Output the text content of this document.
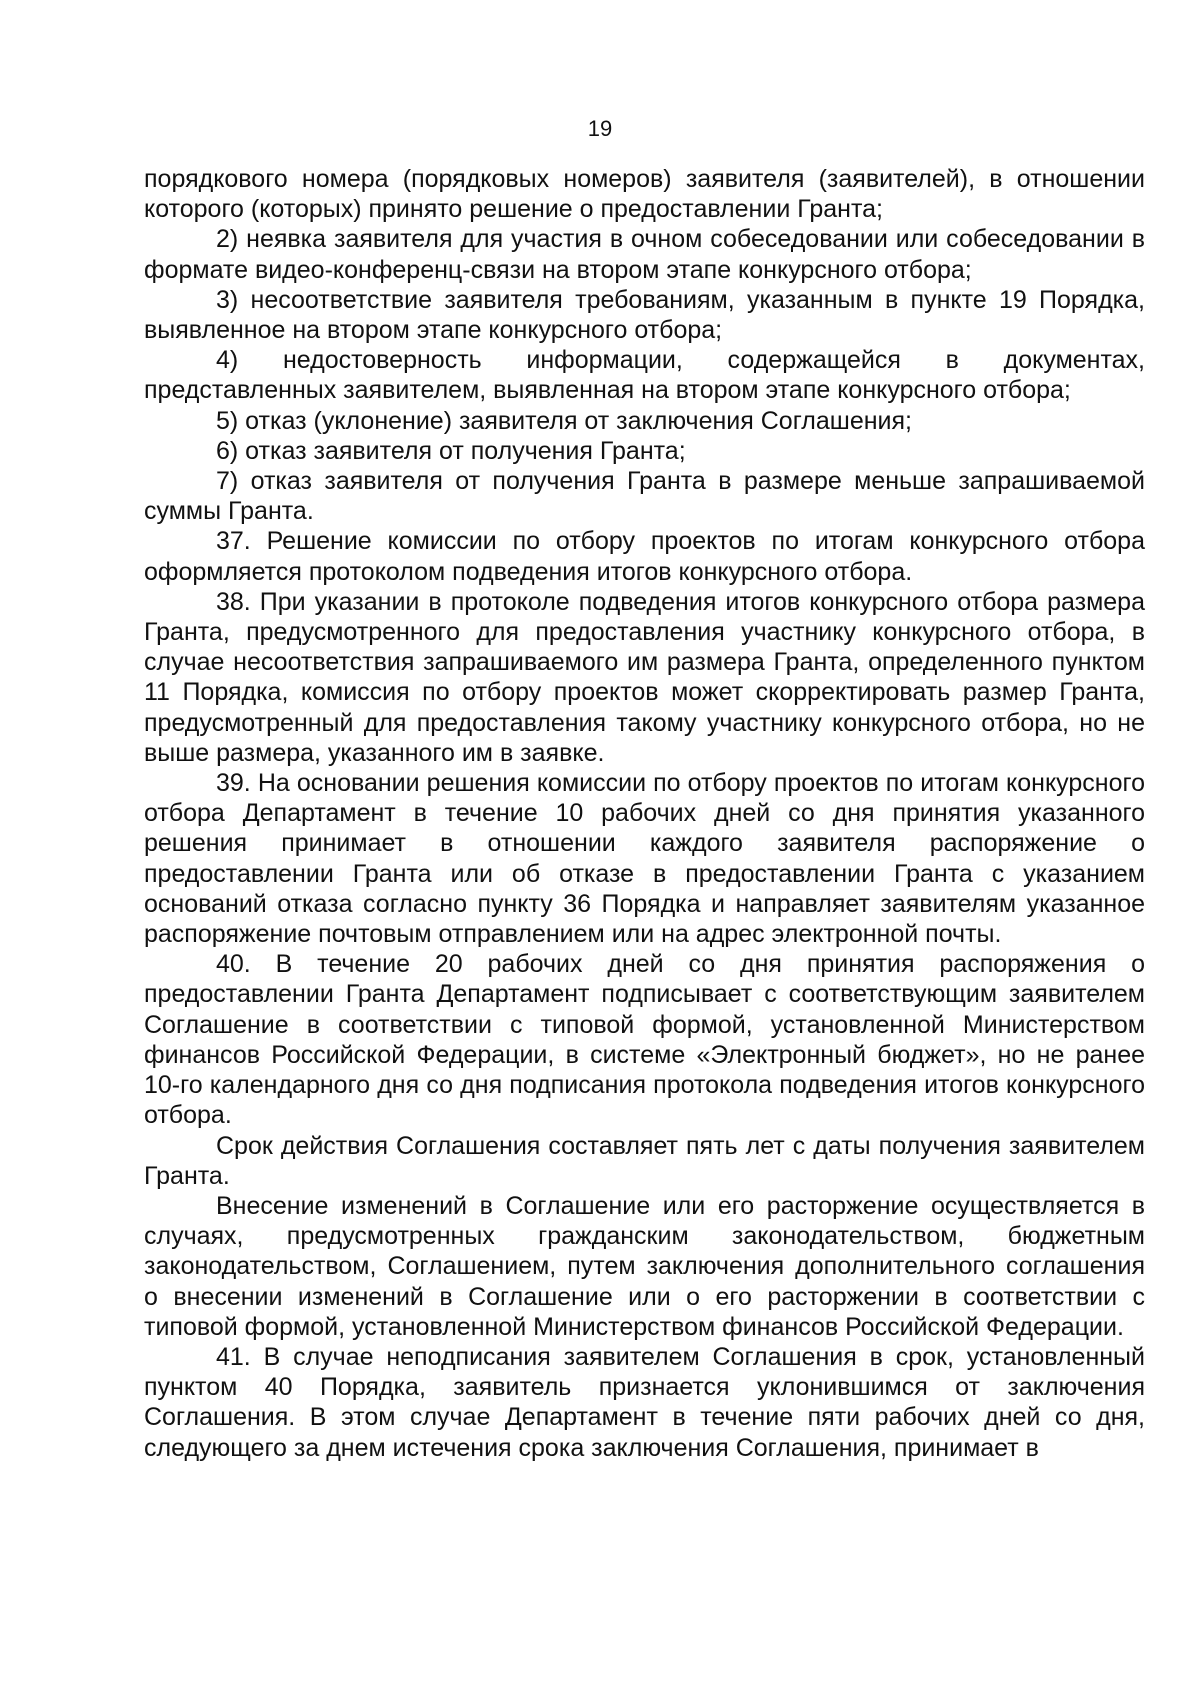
19

порядкового номера (порядковых номеров) заявителя (заявителей), в отношении которого (которых) принято решение о предоставлении Гранта;

2) неявка заявителя для участия в очном собеседовании или собеседовании в формате видео-конференц-связи на втором этапе конкурсного отбора;

3) несоответствие заявителя требованиям, указанным в пункте 19 Порядка, выявленное на втором этапе конкурсного отбора;

4) недостоверность информации, содержащейся в документах, представленных заявителем, выявленная на втором этапе конкурсного отбора;

5) отказ (уклонение) заявителя от заключения Соглашения;

6) отказ заявителя от получения Гранта;

7) отказ заявителя от получения Гранта в размере меньше запрашиваемой суммы Гранта.

37. Решение комиссии по отбору проектов по итогам конкурсного отбора оформляется протоколом подведения итогов конкурсного отбора.

38. При указании в протоколе подведения итогов конкурсного отбора размера Гранта, предусмотренного для предоставления участнику конкурсного отбора, в случае несоответствия запрашиваемого им размера Гранта, определенного пунктом 11 Порядка, комиссия по отбору проектов может скорректировать размер Гранта, предусмотренный для предоставления такому участнику конкурсного отбора, но не выше размера, указанного им в заявке.

39. На основании решения комиссии по отбору проектов по итогам конкурсного отбора Департамент в течение 10 рабочих дней со дня принятия указанного решения принимает в отношении каждого заявителя распоряжение о предоставлении Гранта или об отказе в предоставлении Гранта с указанием оснований отказа согласно пункту 36 Порядка и направляет заявителям указанное распоряжение почтовым отправлением или на адрес электронной почты.

40. В течение 20 рабочих дней со дня принятия распоряжения о предоставлении Гранта Департамент подписывает с соответствующим заявителем Соглашение в соответствии с типовой формой, установленной Министерством финансов Российской Федерации, в системе «Электронный бюджет», но не ранее 10-го календарного дня со дня подписания протокола подведения итогов конкурсного отбора.

Срок действия Соглашения составляет пять лет с даты получения заявителем Гранта.

Внесение изменений в Соглашение или его расторжение осуществляется в случаях, предусмотренных гражданским законодательством, бюджетным законодательством, Соглашением, путем заключения дополнительного соглашения о внесении изменений в Соглашение или о его расторжении в соответствии с типовой формой, установленной Министерством финансов Российской Федерации.

41. В случае неподписания заявителем Соглашения в срок, установленный пунктом 40 Порядка, заявитель признается уклонившимся от заключения Соглашения. В этом случае Департамент в течение пяти рабочих дней со дня, следующего за днем истечения срока заключения Соглашения, принимает в
